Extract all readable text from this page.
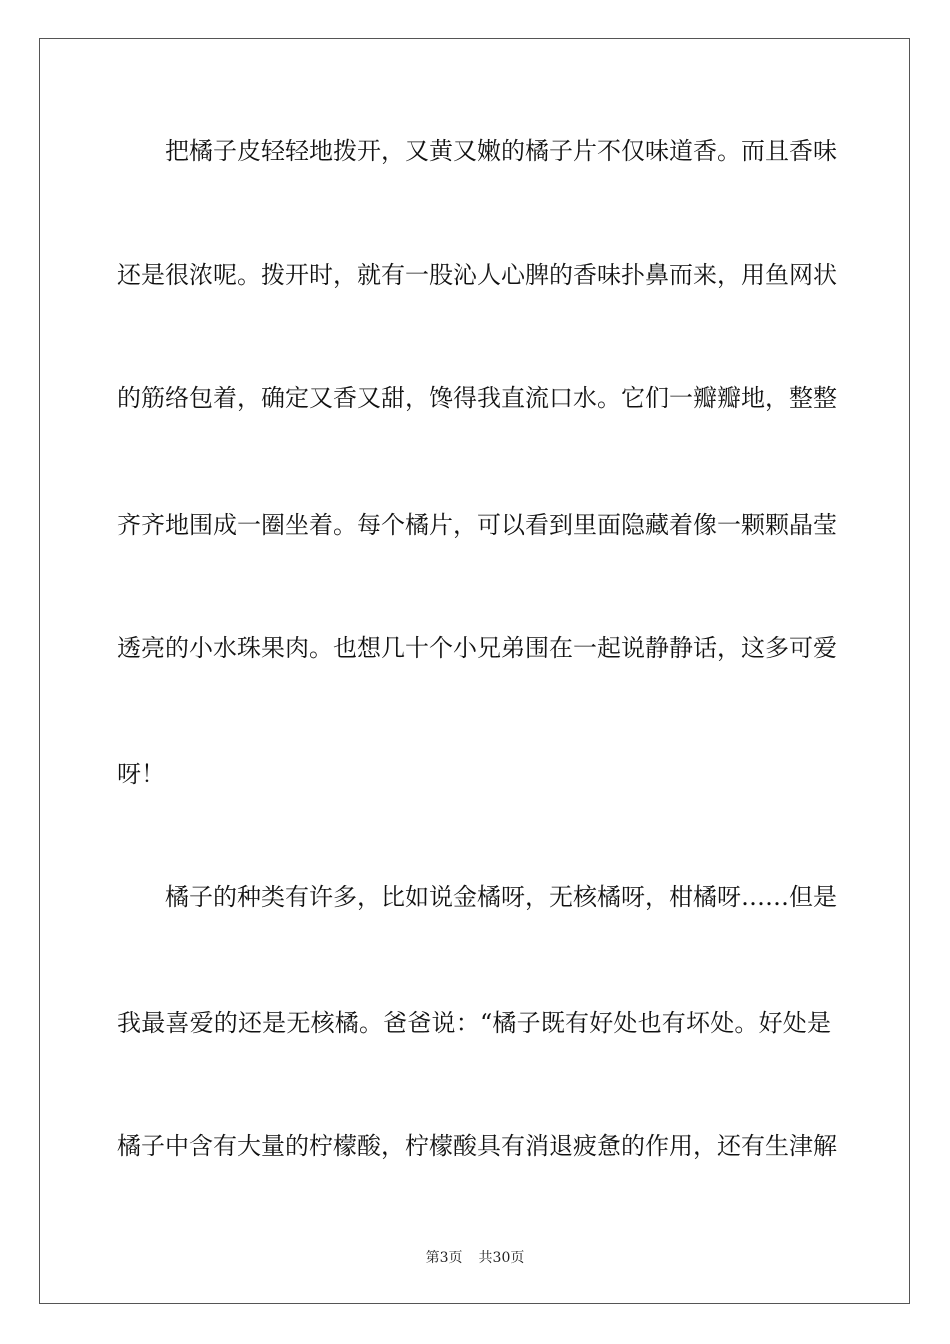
把橘子皮轻轻地拨开，又黄又嫩的橘子片不仅味道香。而且香味
还是很浓呢。拨开时，就有一股沁人心脾的香味扑鼻而来，用鱼网状
的筋络包着，确定又香又甜，馋得我直流口水。它们一瓣瓣地，整整
齐齐地围成一圈坐着。每个橘片，可以看到里面隐藏着像一颗颗晶莹
透亮的小水珠果肉。也想几十个小兄弟围在一起说静静话，这多可爱
呀！
橘子的种类有许多，比如说金橘呀，无核橘呀，柑橘呀……但是
我最喜爱的还是无核橘。爸爸说：“橘子既有好处也有坏处。好处是
橘子中含有大量的柠檬酸，柠檬酸具有消退疲惫的作用，还有生津解
第3页 共30页
